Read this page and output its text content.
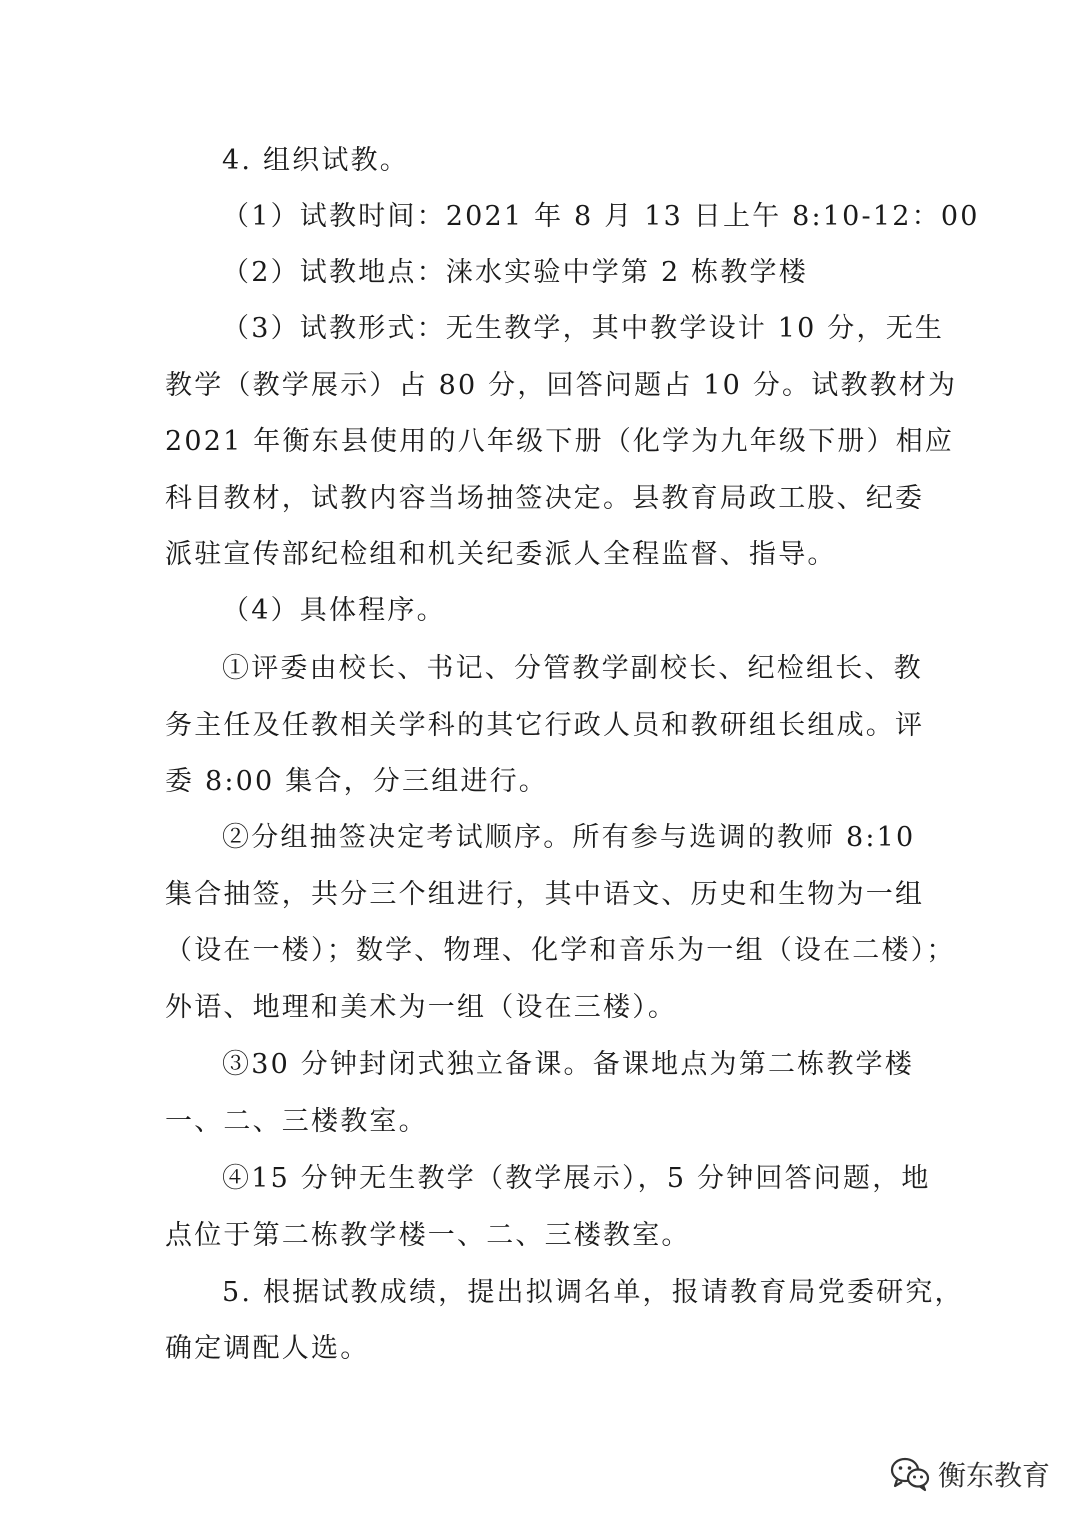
4. 组织试教。
（1）试教时间：2021 年 8 月 13 日上午 8:10-12：00
（2）试教地点：涞水实验中学第 2 栋教学楼
（3）试教形式：无生教学，其中教学设计 10 分，无生
教学（教学展示）占 80 分，回答问题占 10 分。试教教材为
2021 年衡东县使用的八年级下册（化学为九年级下册）相应
科目教材，试教内容当场抽签决定。县教育局政工股、纪委
派驻宣传部纪检组和机关纪委派人全程监督、指导。
（4）具体程序。
①评委由校长、书记、分管教学副校长、纪检组长、教
务主任及任教相关学科的其它行政人员和教研组长组成。评
委 8:00 集合，分三组进行。
②分组抽签决定考试顺序。所有参与选调的教师 8:10
集合抽签，共分三个组进行，其中语文、历史和生物为一组
（设在一楼）；数学、物理、化学和音乐为一组（设在二楼）；
外语、地理和美术为一组（设在三楼）。
③30 分钟封闭式独立备课。备课地点为第二栋教学楼
一、二、三楼教室。
④15 分钟无生教学（教学展示），5 分钟回答问题，地
点位于第二栋教学楼一、二、三楼教室。
5. 根据试教成绩，提出拟调名单，报请教育局党委研究，
确定调配人选。
衡东教育
